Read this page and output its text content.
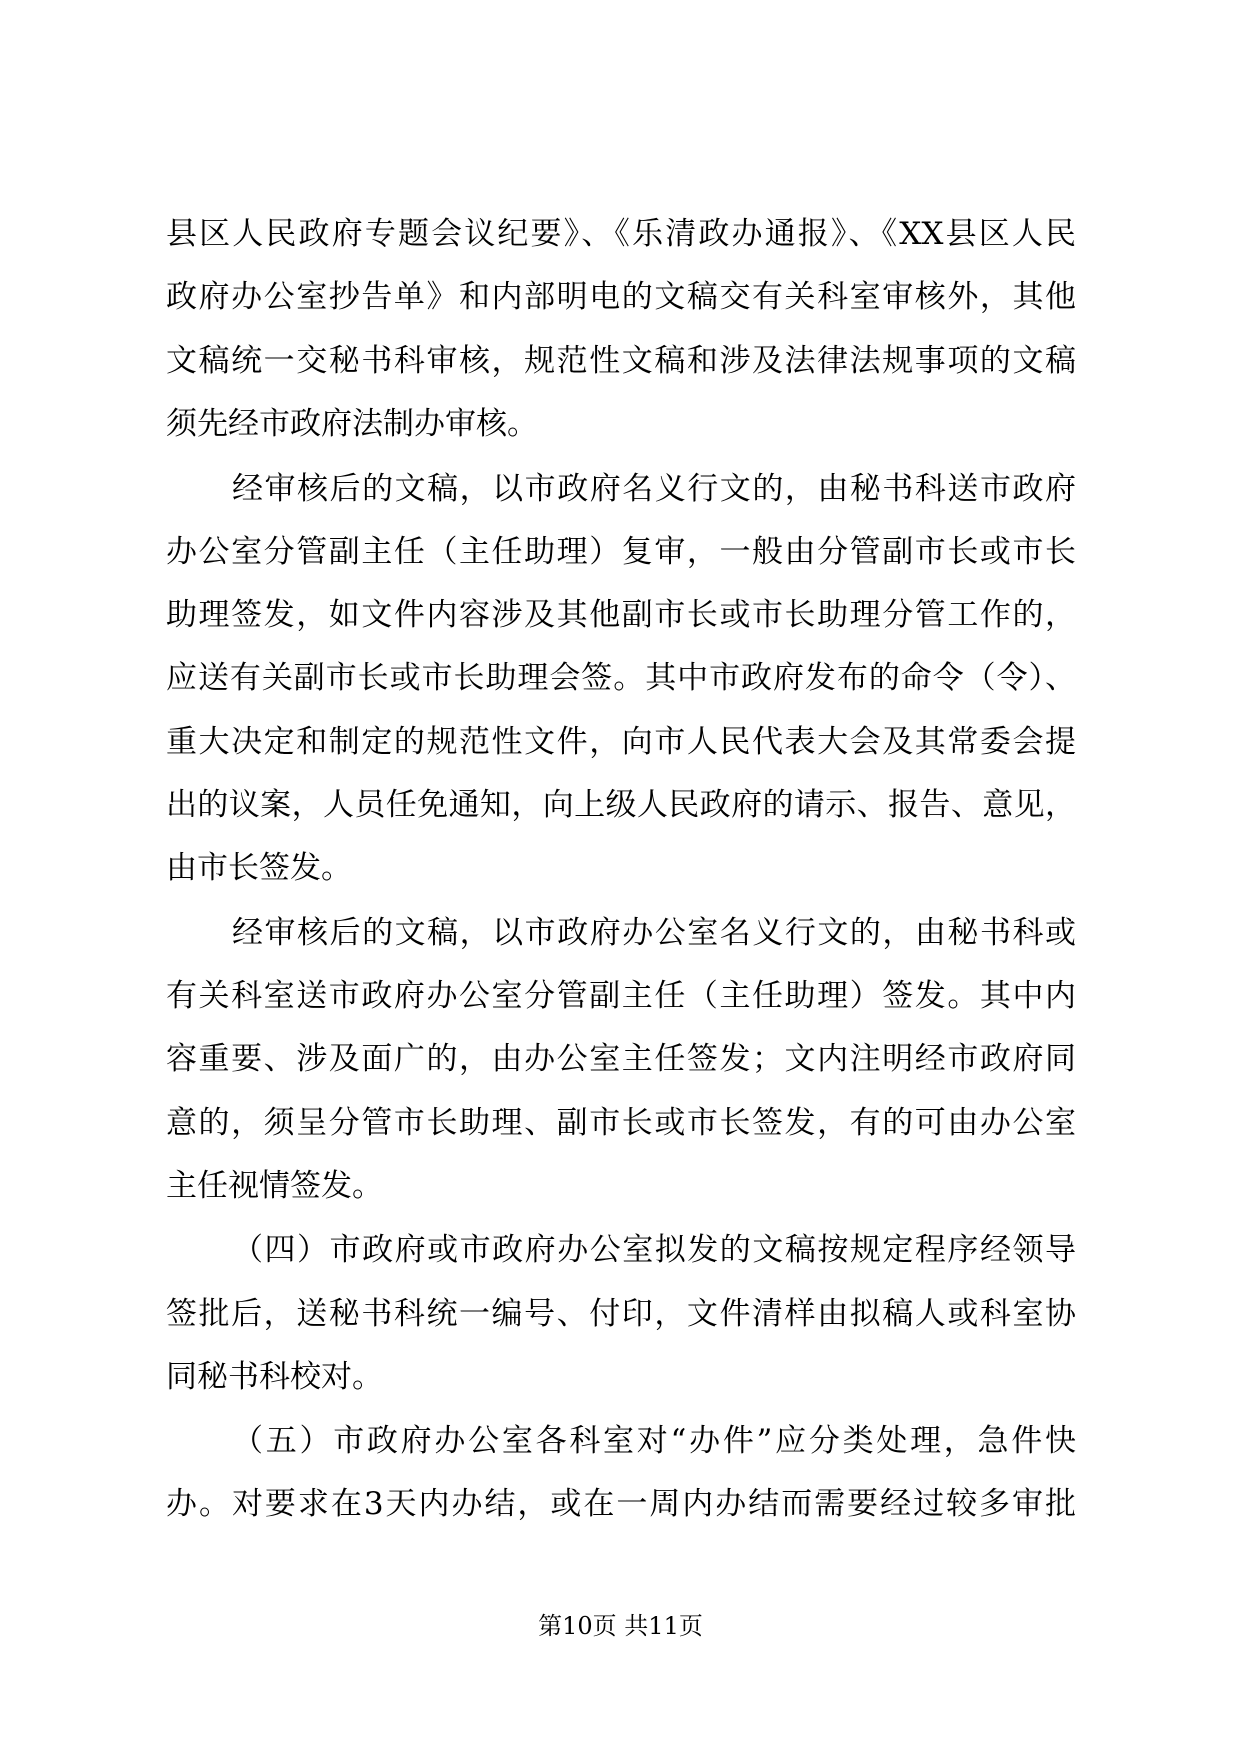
县区人民政府专题会议纪要》、《乐清政办通报》、《XX县区人民
政府办公室抄告单》和内部明电的文稿交有关科室审核外，其他
文稿统一交秘书科审核，规范性文稿和涉及法律法规事项的文稿
须先经市政府法制办审核。
经审核后的文稿，以市政府名义行文的，由秘书科送市政府
办公室分管副主任（主任助理）复审，一般由分管副市长或市长
助理签发，如文件内容涉及其他副市长或市长助理分管工作的，
应送有关副市长或市长助理会签。其中市政府发布的命令（令）、
重大决定和制定的规范性文件，向市人民代表大会及其常委会提
出的议案，人员任免通知，向上级人民政府的请示、报告、意见，
由市长签发。
经审核后的文稿，以市政府办公室名义行文的，由秘书科或
有关科室送市政府办公室分管副主任（主任助理）签发。其中内
容重要、涉及面广的，由办公室主任签发；文内注明经市政府同
意的，须呈分管市长助理、副市长或市长签发，有的可由办公室
主任视情签发。
（四）市政府或市政府办公室拟发的文稿按规定程序经领导
签批后，送秘书科统一编号、付印，文件清样由拟稿人或科室协
同秘书科校对。
（五）市政府办公室各科室对“办件”应分类处理，急件快
办。对要求在3天内办结，或在一周内办结而需要经过较多审批
第10页 共11页
